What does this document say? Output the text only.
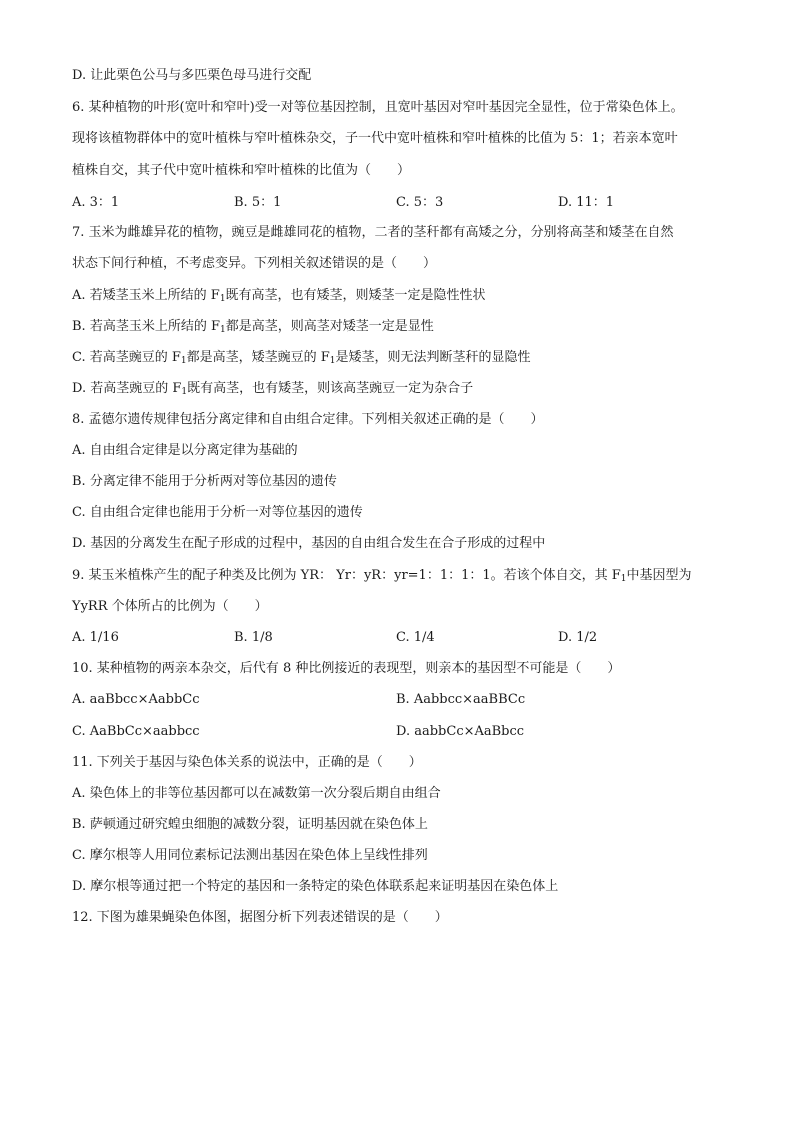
D. 让此栗色公马与多匹栗色母马进行交配
6. 某种植物的叶形(宽叶和窄叶)受一对等位基因控制，且宽叶基因对窄叶基因完全显性，位于常染色体上。
现将该植物群体中的宽叶植株与窄叶植株杂交，子一代中宽叶植株和窄叶植株的比值为 5：1；若亲本宽叶
植株自交，其子代中宽叶植株和窄叶植株的比值为（　　）
A. 3：1	B. 5：1	C. 5：3	D. 11：1
7. 玉米为雌雄异花的植物，豌豆是雌雄同花的植物，二者的茎秆都有高矮之分，分别将高茎和矮茎在自然
状态下间行种植，不考虑变异。下列相关叙述错误的是（　　）
A. 若矮茎玉米上所结的 $F_1$既有高茎，也有矮茎，则矮茎一定是隐性性状
B. 若高茎玉米上所结的 $F_1$都是高茎，则高茎对矮茎一定是显性
C. 若高茎豌豆的 $F_1$都是高茎，矮茎豌豆的 $F_1$是矮茎，则无法判断茎秆的显隐性
D. 若高茎豌豆的 $F_1$既有高茎，也有矮茎，则该高茎豌豆一定为杂合子
8. 孟德尔遗传规律包括分离定律和自由组合定律。下列相关叙述正确的是（　　）
A. 自由组合定律是以分离定律为基础的
B. 分离定律不能用于分析两对等位基因的遗传
C. 自由组合定律也能用于分析一对等位基因的遗传
D. 基因的分离发生在配子形成的过程中，基因的自由组合发生在合子形成的过程中
9. 某玉米植株产生的配子种类及比例为 YR： Yr：yR：yr=1：1：1：1。若该个体自交，其 $F_1$中基因型为
YyRR 个体所占的比例为（　　）
A. 1/16	B. 1/8	C. 1/4	D. 1/2
10. 某种植物的两亲本杂交，后代有 8 种比例接近的表现型，则亲本的基因型不可能是（　　）
A. aaBbcc×AabbCc	B. Aabbcc×aaBBCc
C. AaBbCc×aabbcc	D. aabbCc×AaBbcc
11. 下列关于基因与染色体关系的说法中，正确的是（　　）
A. 染色体上的非等位基因都可以在减数第一次分裂后期自由组合
B. 萨顿通过研究蝗虫细胞的减数分裂，证明基因就在染色体上
C. 摩尔根等人用同位素标记法测出基因在染色体上呈线性排列
D. 摩尔根等通过把一个特定的基因和一条特定的染色体联系起来证明基因在染色体上
12. 下图为雄果蝇染色体图，据图分析下列表述错误的是（　　）
